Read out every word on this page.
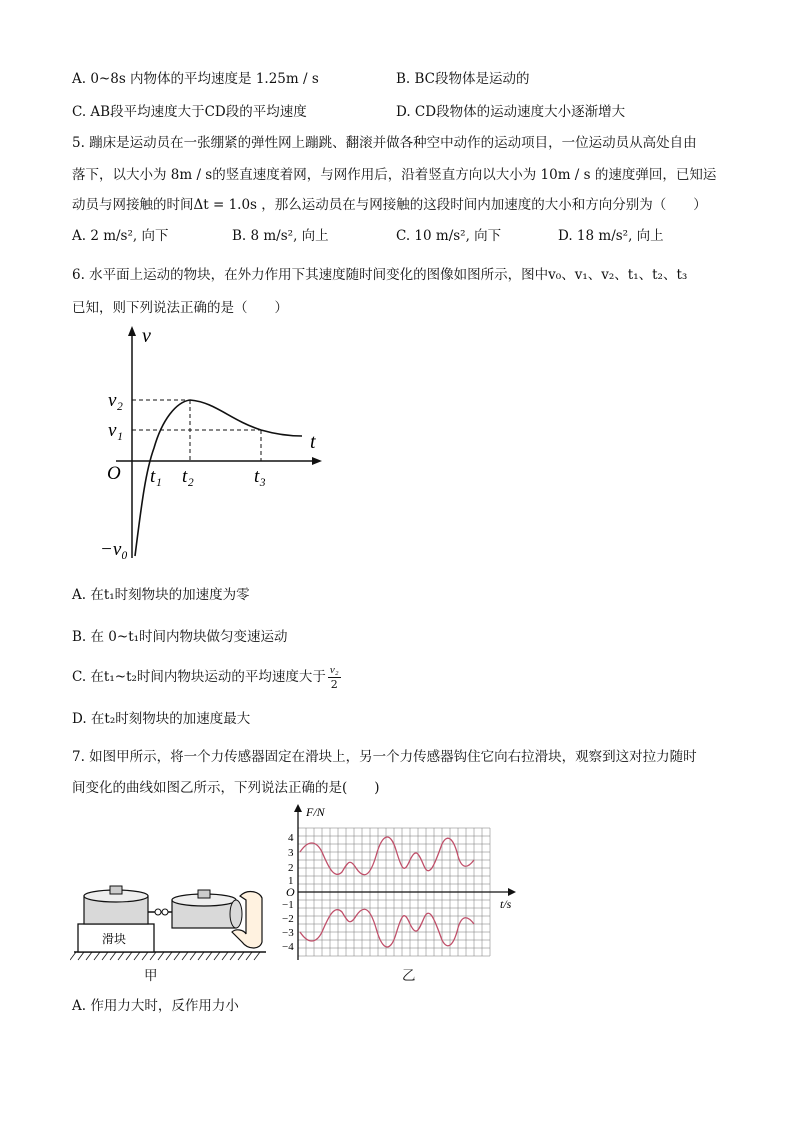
A. 0~8s 内物体的平均速度是 1.25m / s	B. BC段物体是运动的
C. AB段平均速度大于CD段的平均速度	D. CD段物体的运动速度大小逐渐增大
5. 蹦床是运动员在一张绷紧的弹性网上蹦跳、翻滚并做各种空中动作的运动项目，一位运动员从高处自由
落下，以大小为 8m / s的竖直速度着网，与网作用后，沿着竖直方向以大小为 10m / s 的速度弹回，已知运
动员与网接触的时间Δt = 1.0s ，那么运动员在与网接触的这段时间内加速度的大小和方向分别为（　　）
A. 2 m/s², 向下	B. 8 m/s², 向上	C. 10 m/s², 向下	D. 18 m/s², 向上
6. 水平面上运动的物块，在外力作用下其速度随时间变化的图像如图所示，图中v₀、v₁、v₂、t₁、t₂、t₃
已知，则下列说法正确的是（　　）
v
t
O
v₂
v₁
−v₀
t₁ t₂	t₃
A. 在t₁时刻物块的加速度为零
B. 在 0~t₁时间内物块做匀变速运动
C. 在t₁~t₂时间内物块运动的平均速度大于 $\frac{\text{v₂}}{2}$
D. 在t₂时刻物块的加速度最大
7. 如图甲所示，将一个力传感器固定在滑块上，另一个力传感器钩住它向右拉滑块，观察到这对拉力随时
间变化的曲线如图乙所示，下列说法正确的是(　　)
滑块
甲
F/N
t/s
O
4
3
2
1
−1
−2
−3
−4
乙
A. 作用力大时，反作用力小
